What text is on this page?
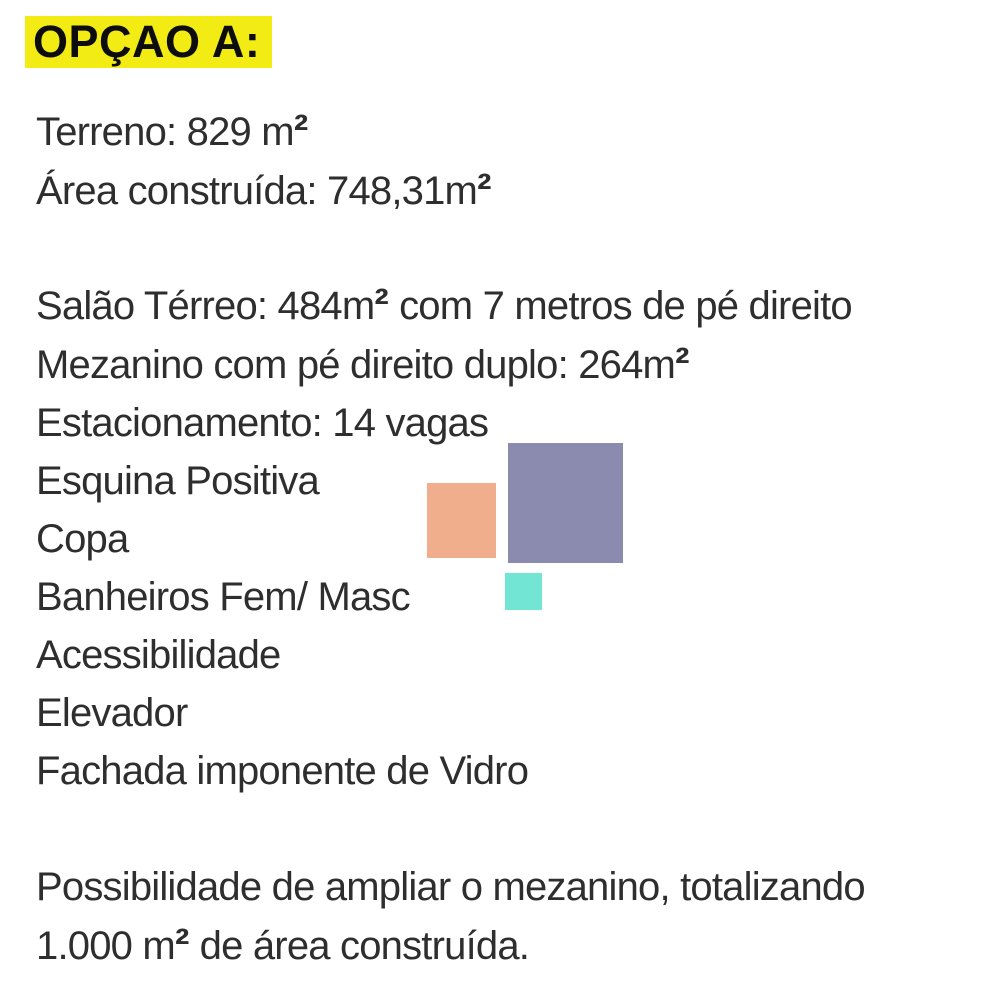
OPÇAO A:
Terreno: 829 m²
Área construída: 748,31m²
Salão Térreo: 484m² com 7 metros de pé direito
Mezanino com pé direito duplo: 264m²
Estacionamento: 14 vagas
Esquina Positiva
Copa
Banheiros Fem/ Masc
Acessibilidade
Elevador
Fachada imponente de Vidro
Possibilidade de ampliar o mezanino, totalizando
1.000 m² de área construída.
